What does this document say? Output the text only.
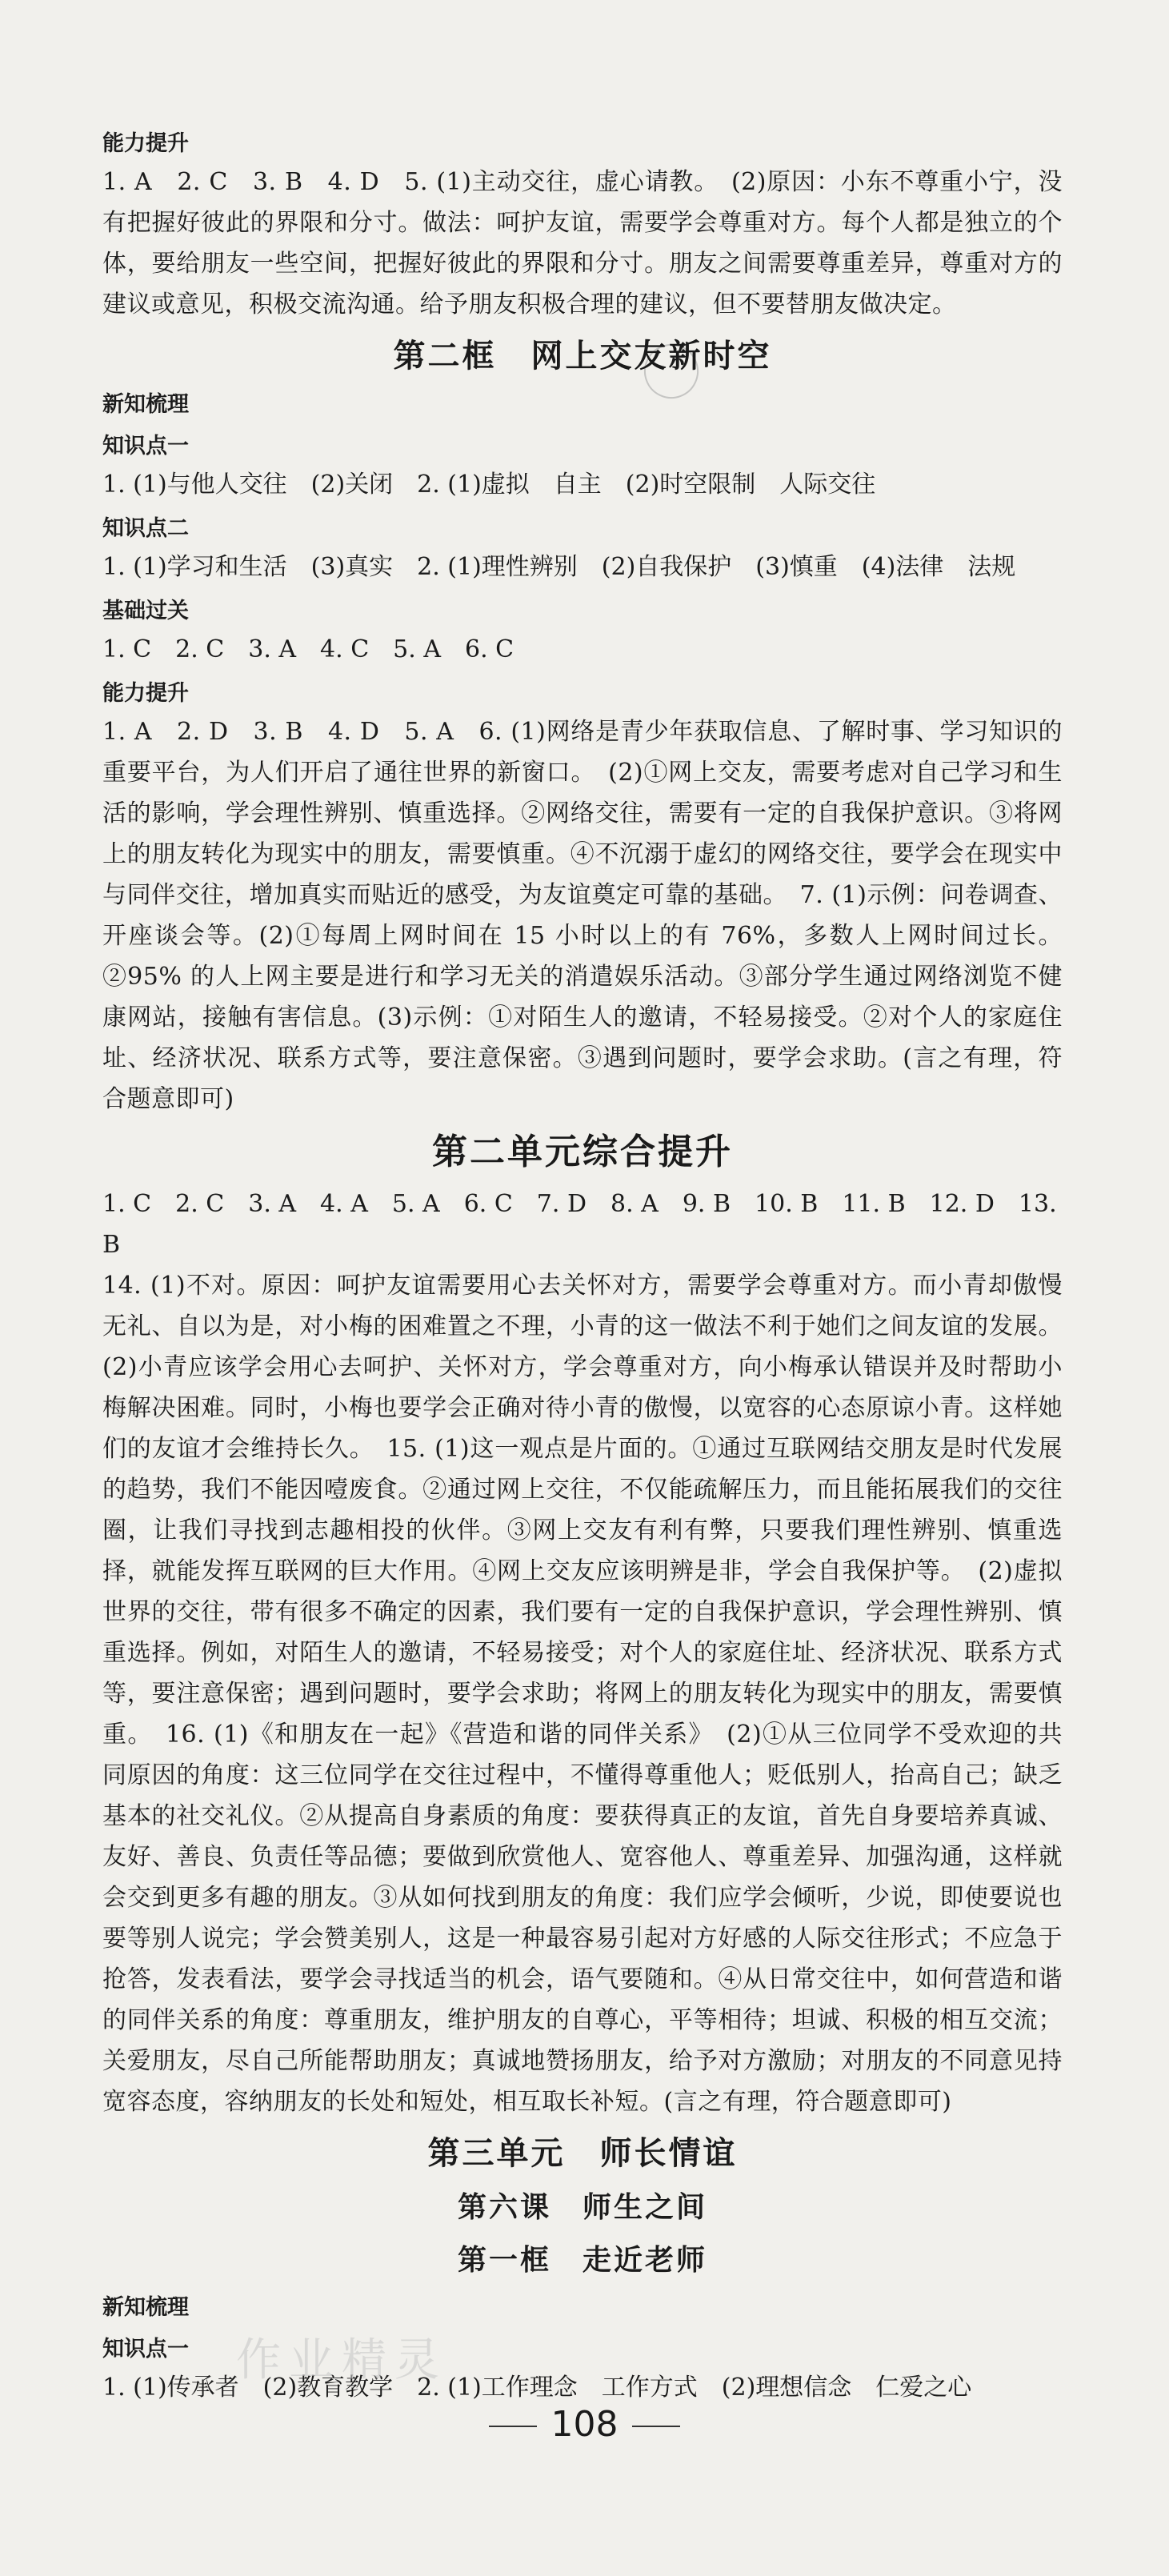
能力提升
1. A　2. C　3. B　4. D　5. (1)主动交往，虚心请教。　(2)原因：小东不尊重小宁，没有把握好彼此的界限和分寸。做法：呵护友谊，需要学会尊重对方。每个人都是独立的个体，要给朋友一些空间，把握好彼此的界限和分寸。朋友之间需要尊重差异，尊重对方的建议或意见，积极交流沟通。给予朋友积极合理的建议，但不要替朋友做决定。
第二框　网上交友新时空
新知梳理
知识点一
1. (1)与他人交往　(2)关闭　2. (1)虚拟　自主　(2)时空限制　人际交往
知识点二
1. (1)学习和生活　(3)真实　2. (1)理性辨别　(2)自我保护　(3)慎重　(4)法律　法规
基础过关
1. C　2. C　3. A　4. C　5. A　6. C
能力提升
1. A　2. D　3. B　4. D　5. A　6. (1)网络是青少年获取信息、了解时事、学习知识的重要平台，为人们开启了通往世界的新窗口。　(2)①网上交友，需要考虑对自己学习和生活的影响，学会理性辨别、慎重选择。②网络交往，需要有一定的自我保护意识。③将网上的朋友转化为现实中的朋友，需要慎重。④不沉溺于虚幻的网络交往，要学会在现实中与同伴交往，增加真实而贴近的感受，为友谊奠定可靠的基础。　7. (1)示例：问卷调查、开座谈会等。(2)①每周上网时间在 15 小时以上的有 76%，多数人上网时间过长。②95% 的人上网主要是进行和学习无关的消遣娱乐活动。③部分学生通过网络浏览不健康网站，接触有害信息。(3)示例：①对陌生人的邀请，不轻易接受。②对个人的家庭住址、经济状况、联系方式等，要注意保密。③遇到问题时，要学会求助。(言之有理，符合题意即可)
第二单元综合提升
1. C　2. C　3. A　4. A　5. A　6. C　7. D　8. A　9. B　10. B　11. B　12. D　13. B
14. (1)不对。原因：呵护友谊需要用心去关怀对方，需要学会尊重对方。而小青却傲慢无礼、自以为是，对小梅的困难置之不理，小青的这一做法不利于她们之间友谊的发展。(2)小青应该学会用心去呵护、关怀对方，学会尊重对方，向小梅承认错误并及时帮助小梅解决困难。同时，小梅也要学会正确对待小青的傲慢，以宽容的心态原谅小青。这样她们的友谊才会维持长久。　15. (1)这一观点是片面的。①通过互联网结交朋友是时代发展的趋势，我们不能因噎废食。②通过网上交往，不仅能疏解压力，而且能拓展我们的交往圈，让我们寻找到志趣相投的伙伴。③网上交友有利有弊，只要我们理性辨别、慎重选择，就能发挥互联网的巨大作用。④网上交友应该明辨是非，学会自我保护等。　(2)虚拟世界的交往，带有很多不确定的因素，我们要有一定的自我保护意识，学会理性辨别、慎重选择。例如，对陌生人的邀请，不轻易接受；对个人的家庭住址、经济状况、联系方式等，要注意保密；遇到问题时，要学会求助；将网上的朋友转化为现实中的朋友，需要慎重。　16. (1)《和朋友在一起》《营造和谐的同伴关系》　(2)①从三位同学不受欢迎的共同原因的角度：这三位同学在交往过程中，不懂得尊重他人；贬低别人，抬高自己；缺乏基本的社交礼仪。②从提高自身素质的角度：要获得真正的友谊，首先自身要培养真诚、友好、善良、负责任等品德；要做到欣赏他人、宽容他人、尊重差异、加强沟通，这样就会交到更多有趣的朋友。③从如何找到朋友的角度：我们应学会倾听，少说，即使要说也要等别人说完；学会赞美别人，这是一种最容易引起对方好感的人际交往形式；不应急于抢答，发表看法，要学会寻找适当的机会，语气要随和。④从日常交往中，如何营造和谐的同伴关系的角度：尊重朋友，维护朋友的自尊心，平等相待；坦诚、积极的相互交流；关爱朋友，尽自己所能帮助朋友；真诚地赞扬朋友，给予对方激励；对朋友的不同意见持宽容态度，容纳朋友的长处和短处，相互取长补短。(言之有理，符合题意即可)
第三单元　师长情谊
第六课　师生之间
第一框　走近老师
新知梳理
知识点一
1. (1)传承者　(2)教育教学　2. (1)工作理念　工作方式　(2)理想信念　仁爱之心
作业精灵
108
